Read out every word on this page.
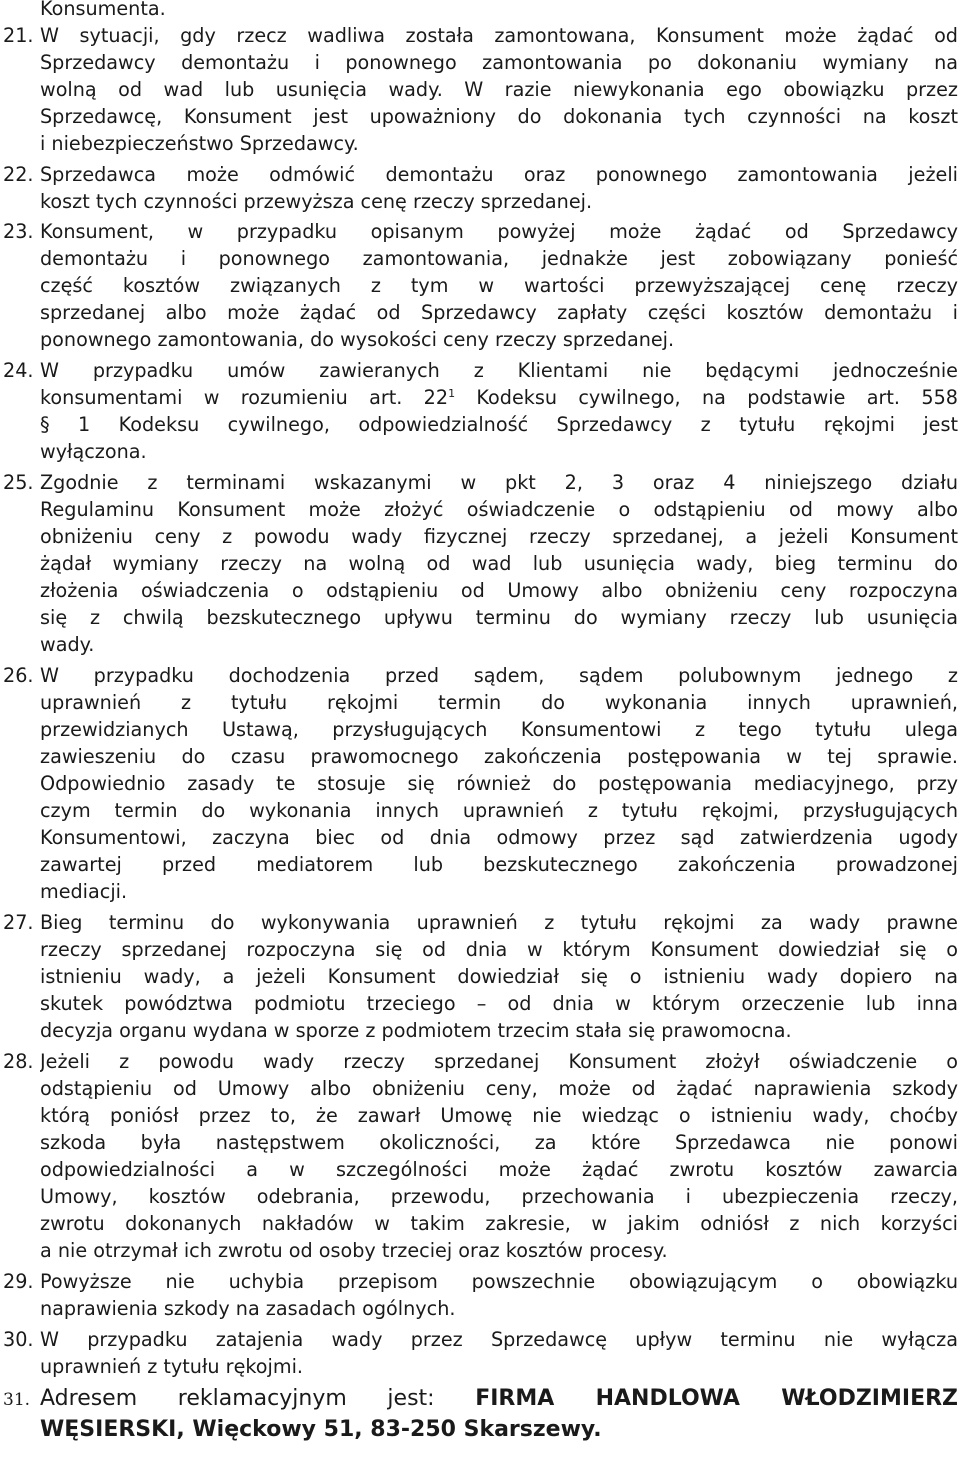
Konsumenta.
21. W sytuacji, gdy rzecz wadliwa została zamontowana, Konsument może żądać od
Sprzedawcy demontażu i ponownego zamontowania po dokonaniu wymiany na
wolną od wad lub usunięcia wady. W razie niewykonania ego obowiązku przez
Sprzedawcę, Konsument jest upoważniony do dokonania tych czynności na koszt
i niebezpieczeństwo Sprzedawcy.
22. Sprzedawca może odmówić demontażu oraz ponownego zamontowania jeżeli
koszt tych czynności przewyższa cenę rzeczy sprzedanej.
23. Konsument, w przypadku opisanym powyżej może żądać od Sprzedawcy
demontażu i ponownego zamontowania, jednakże jest zobowiązany ponieść
część kosztów związanych z tym w wartości przewyższającej cenę rzeczy
sprzedanej albo może żądać od Sprzedawcy zapłaty części kosztów demontażu i
ponownego zamontowania, do wysokości ceny rzeczy sprzedanej.
24. W przypadku umów zawieranych z Klientami nie będącymi jednocześnie
konsumentami w rozumieniu art. $22^1$ Kodeksu cywilnego, na podstawie art. 558
§ 1 Kodeksu cywilnego, odpowiedzialność Sprzedawcy z tytułu rękojmi jest
wyłączona.
25. Zgodnie z terminami wskazanymi w pkt 2, 3 oraz 4 niniejszego działu
Regulaminu Konsument może złożyć oświadczenie o odstąpieniu od mowy albo
obniżeniu ceny z powodu wady fizycznej rzeczy sprzedanej, a jeżeli Konsument
żądał wymiany rzeczy na wolną od wad lub usunięcia wady, bieg terminu do
złożenia oświadczenia o odstąpieniu od Umowy albo obniżeniu ceny rozpoczyna
się z chwilą bezskutecznego upływu terminu do wymiany rzeczy lub usunięcia
wady.
26. W przypadku dochodzenia przed sądem, sądem polubownym jednego z
uprawnień z tytułu rękojmi termin do wykonania innych uprawnień,
przewidzianych Ustawą, przysługujących Konsumentowi z tego tytułu ulega
zawieszeniu do czasu prawomocnego zakończenia postępowania w tej sprawie.
Odpowiednio zasady te stosuje się również do postępowania mediacyjnego, przy
czym termin do wykonania innych uprawnień z tytułu rękojmi, przysługujących
Konsumentowi, zaczyna biec od dnia odmowy przez sąd zatwierdzenia ugody
zawartej przed mediatorem lub bezskutecznego zakończenia prowadzonej
mediacji.
27. Bieg terminu do wykonywania uprawnień z tytułu rękojmi za wady prawne
rzeczy sprzedanej rozpoczyna się od dnia w którym Konsument dowiedział się o
istnieniu wady, a jeżeli Konsument dowiedział się o istnieniu wady dopiero na
skutek powództwa podmiotu trzeciego – od dnia w którym orzeczenie lub inna
decyzja organu wydana w sporze z podmiotem trzecim stała się prawomocna.
28. Jeżeli z powodu wady rzeczy sprzedanej Konsument złożył oświadczenie o
odstąpieniu od Umowy albo obniżeniu ceny, może od żądać naprawienia szkody
którą poniósł przez to, że zawarł Umowę nie wiedząc o istnieniu wady, choćby
szkoda była następstwem okoliczności, za które Sprzedawca nie ponowi
odpowiedzialności a w szczególności może żądać zwrotu kosztów zawarcia
Umowy, kosztów odebrania, przewodu, przechowania i ubezpieczenia rzeczy,
zwrotu dokonanych nakładów w takim zakresie, w jakim odniósł z nich korzyści
a nie otrzymał ich zwrotu od osoby trzeciej oraz kosztów procesy.
29. Powyższe nie uchybia przepisom powszechnie obowiązującym o obowiązku
naprawienia szkody na zasadach ogólnych.
30. W przypadku zatajenia wady przez Sprzedawcę upływ terminu nie wyłącza
uprawnień z tytułu rękojmi.
31. Adresem reklamacyjnym jest: FIRMA HANDLOWA WŁODZIMIERZ
WĘSIERSKI, Więckowy 51, 83-250 Skarszewy.
